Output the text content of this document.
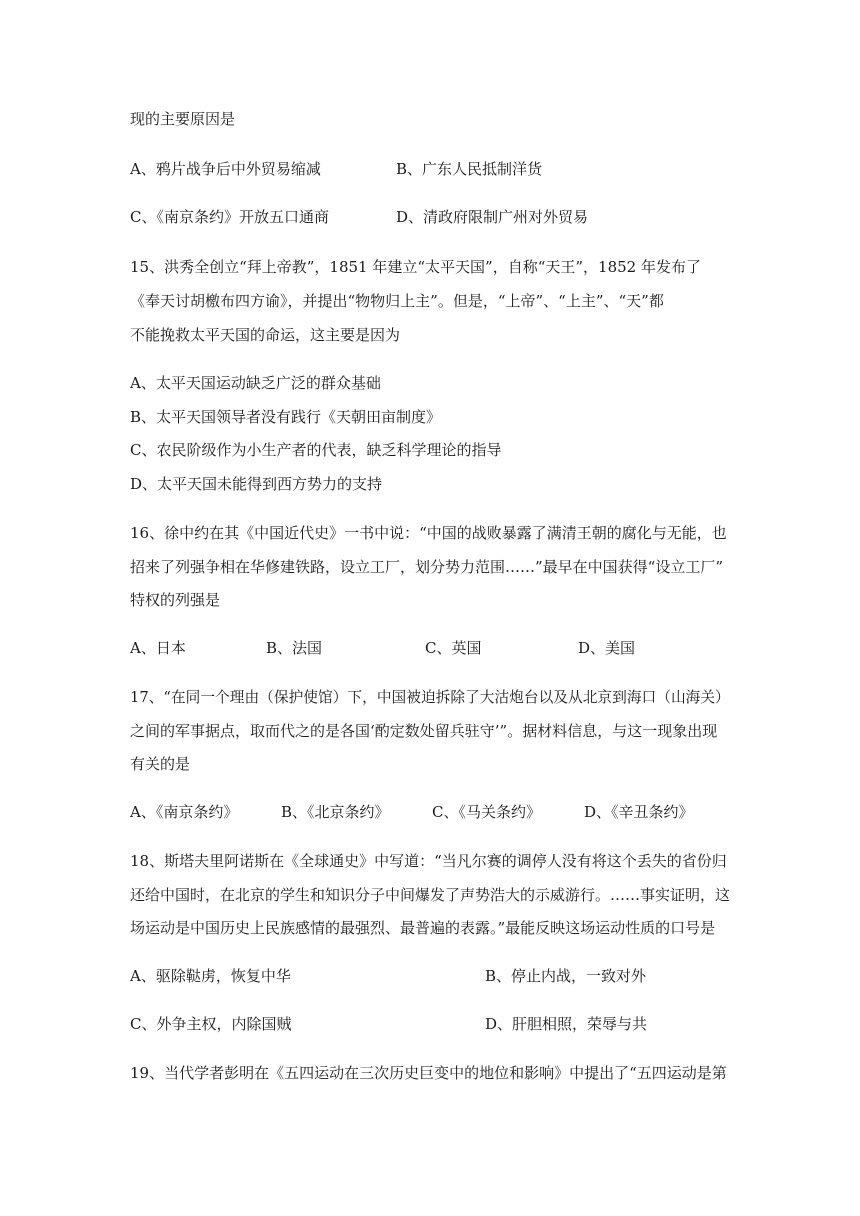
现的主要原因是
A、鸦片战争后中外贸易缩减	B、广东人民抵制洋货
C、《南京条约》开放五口通商	D、清政府限制广州对外贸易
15、洪秀全创立“拜上帝教”，1851 年建立“太平天国”，自称“天王”，1852 年发布了
《奉天讨胡檄布四方谕》，并提出“物物归上主”。但是，“上帝”、“上主”、“天”都
不能挽救太平天国的命运，这主要是因为
A、太平天国运动缺乏广泛的群众基础
B、太平天国领导者没有践行《天朝田亩制度》
C、农民阶级作为小生产者的代表，缺乏科学理论的指导
D、太平天国未能得到西方势力的支持
16、徐中约在其《中国近代史》一书中说：“中国的战败暴露了满清王朝的腐化与无能，也
招来了列强争相在华修建铁路，设立工厂，划分势力范围……”最早在中国获得“设立工厂”
特权的列强是
A、日本	B、法国	C、英国	D、美国
17、“在同一个理由（保护使馆）下，中国被迫拆除了大沽炮台以及从北京到海口（山海关）
之间的军事据点，取而代之的是各国‘酌定数处留兵驻守’”。据材料信息，与这一现象出现
有关的是
A、《南京条约》	B、《北京条约》	C、《马关条约》	D、《辛丑条约》
18、斯塔夫里阿诺斯在《全球通史》中写道：“当凡尔赛的调停人没有将这个丢失的省份归
还给中国时，在北京的学生和知识分子中间爆发了声势浩大的示威游行。……事实证明，这
场运动是中国历史上民族感情的最强烈、最普遍的表露。”最能反映这场运动性质的口号是
A、驱除鞑虏，恢复中华	B、停止内战，一致对外
C、外争主权，内除国贼	D、肝胆相照，荣辱与共
19、当代学者彭明在《五四运动在三次历史巨变中的地位和影响》中提出了“五四运动是第
